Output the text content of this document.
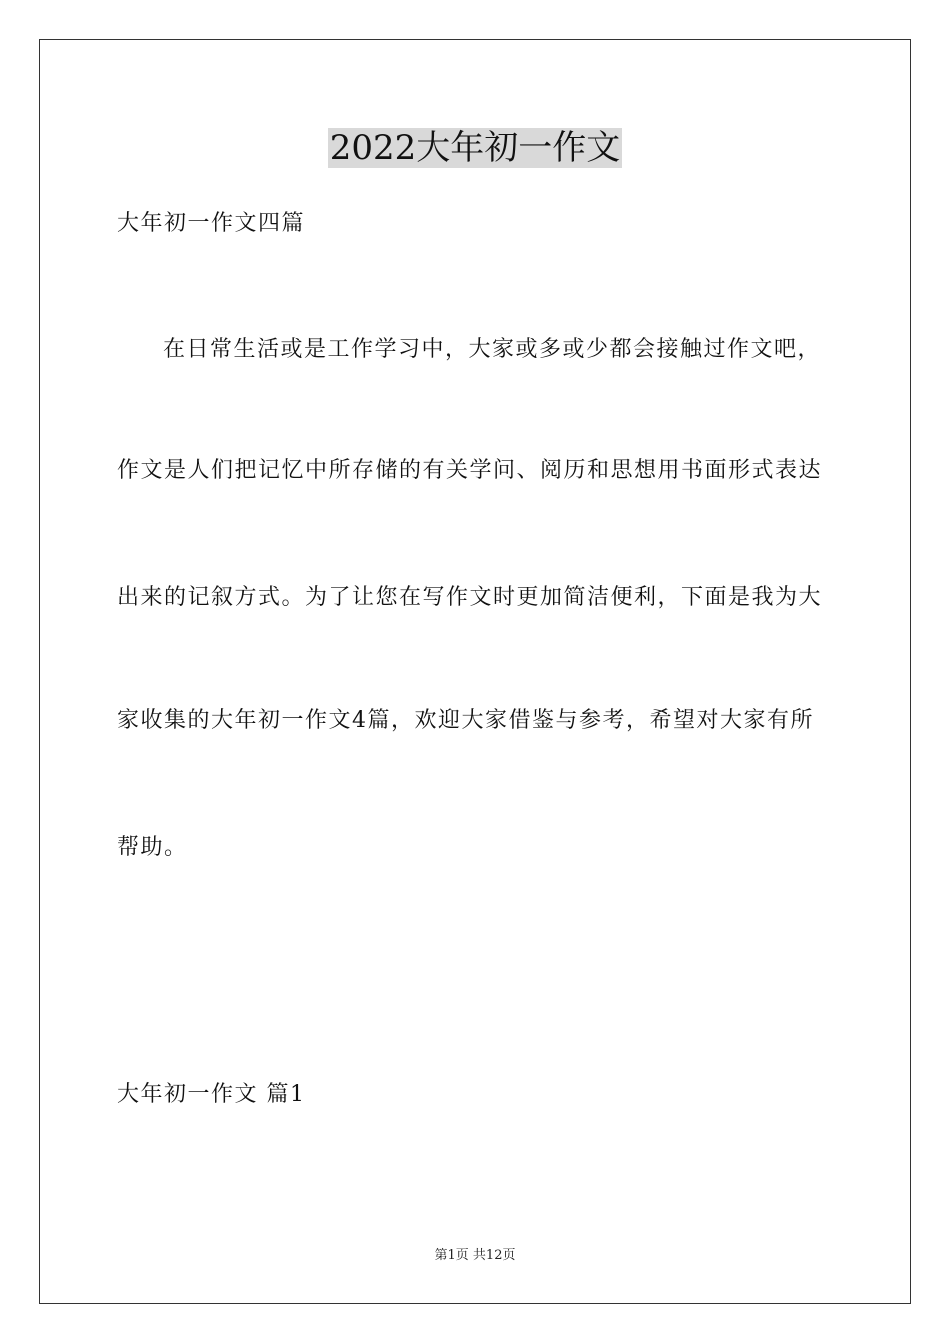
2022大年初一作文
大年初一作文四篇
在日常生活或是工作学习中，大家或多或少都会接触过作文吧，
作文是人们把记忆中所存储的有关学问、阅历和思想用书面形式表达
出来的记叙方式。为了让您在写作文时更加简洁便利，下面是我为大
家收集的大年初一作文4篇，欢迎大家借鉴与参考，希望对大家有所
帮助。
大年初一作文 篇1
第1页 共12页
